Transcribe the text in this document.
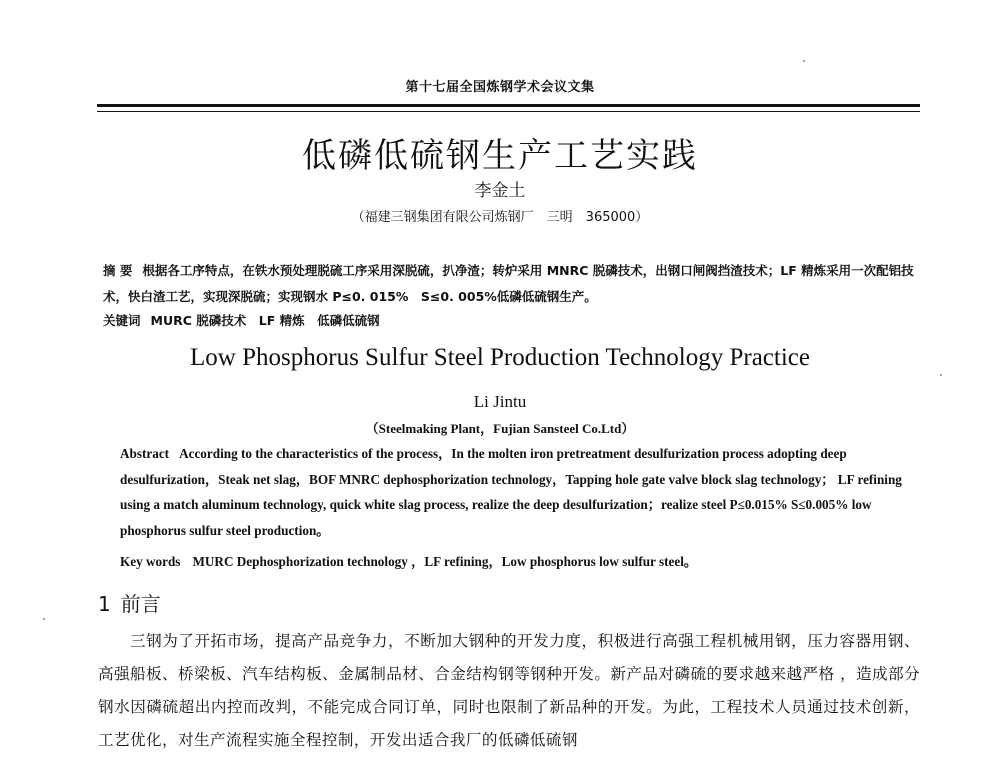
第十七届全国炼钢学术会议文集
低磷低硫钢生产工艺实践
李金土
（福建三钢集团有限公司炼钢厂　三明　365000）
摘 要 根据各工序特点，在铁水预处理脱硫工序采用深脱硫，扒净渣；转炉采用 MNRC 脱磷技术，出钢口闸阀挡渣技术；LF 精炼采用一次配铝技术，快白渣工艺，实现深脱硫；实现钢水 P≤0. 015%　S≤0. 005%低磷低硫钢生产。
关键词 MURC 脱磷技术　LF 精炼　低磷低硫钢
Low Phosphorus Sulfur Steel Production Technology Practice
Li Jintu
（Steelmaking Plant，Fujian Sansteel Co.Ltd）
Abstract According to the characteristics of the process，In the molten iron pretreatment desulfurization process adopting deep desulfurization，Steak net slag，BOF MNRC dephosphorization technology，Tapping hole gate valve block slag technology； LF refining using a match aluminum technology, quick white slag process, realize the deep desulfurization；realize steel P≤0.015% S≤0.005% low phosphorus sulfur steel production。
Key words MURC Dephosphorization technology ，LF refining，Low phosphorus low sulfur steel。
1 前言
三钢为了开拓市场，提高产品竞争力，不断加大钢种的开发力度，积极进行高强工程机械用钢，压力容器用钢、高强船板、桥梁板、汽车结构板、金属制品材、合金结构钢等钢种开发。新产品对磷硫的要求越来越严格 ，造成部分钢水因磷硫超出内控而改判，不能完成合同订单，同时也限制了新品种的开发。为此，工程技术人员通过技术创新，工艺优化，对生产流程实施全程控制，开发出适合我厂的低磷低硫钢
